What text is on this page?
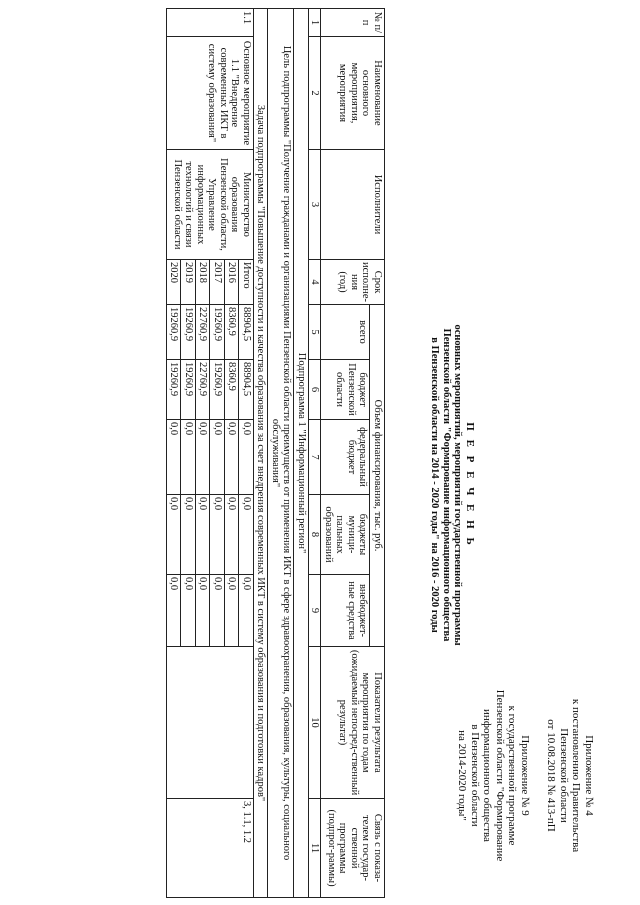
Приложение № 4
к постановлению Правительства
Пензенской области
от 10.08.2018 № 413-пП
Приложение № 9
к государственной программе
Пензенской области "Формирование
информационного общества
в Пензенской области
на 2014-2020 годы"
П Е Р Е Ч Е Н Ь
основных мероприятий, мероприятий государственной программы
Пензенской области "Формирование информационного общества
в Пензенской области на 2014 - 2020 годы" на 2016 - 2020 годы
№ п/п	Наименование основного мероприятия, мероприятия	Исполнители	Срок исполне-ния (год)	Объем финансирования, тыс. руб.					Показатели результата мероприятия по годам (ожидаемый непосред-ственный результат)	Связь с показа-телем государ-ственной программы (подпрог-раммы)
				всего	бюджет Пензенской области	федеральный бюджет	бюджеты муници-пальных образований	внебюджет-ные средства		
1	2	3	4	5	6	7	8	9	10	11
Подпрограмма 1 "Информационный регион"										
Цель подпрограммы "Получение гражданами и организациями Пензенской области преимуществ от применения ИКТ в сфере здравоохранения, образования, культуры, социального обслуживания"										
Задача подпрограммы "Повышение доступности и качества образования за счет внедрения современных ИКТ в систему образования и подготовки кадров"										
1.1	Основное мероприятие 1.1 "Внедрение современных ИКТ в систему образования"	Министерство образования Пензенской области, Управление информационных технологий и связи Пензенской области	Итого	88904,5	88904,5	0,0	0,0	0,0		3, 1.1, 1.2
			2016	8360,9	8360,9	0,0	0,0	0,0		
			2017	19260,9	19260,9	0,0	0,0	0,0		
			2018	22760,9	22760,9	0,0	0,0	0,0		
			2019	19260,9	19260,9	0,0	0,0	0,0		
			2020	19260,9	19260,9	0,0	0,0	0,0		
